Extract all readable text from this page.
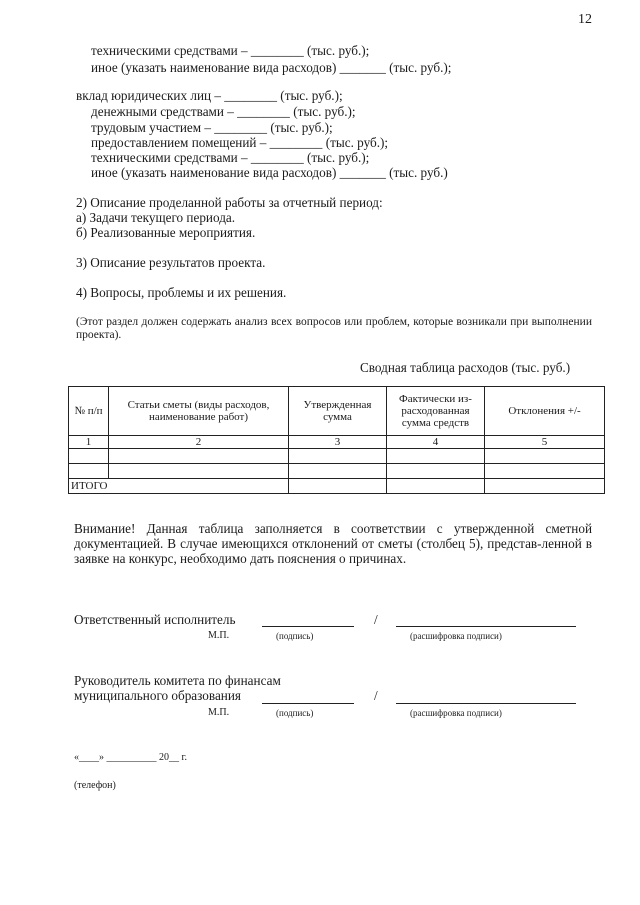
12
техническими средствами – ________ (тыс. руб.);
иное (указать наименование вида расходов) _______ (тыс. руб.);
вклад юридических лиц – ________ (тыс. руб.);
денежными средствами – ________ (тыс. руб.);
трудовым участием – ________ (тыс. руб.);
предоставлением помещений – ________ (тыс. руб.);
техническими средствами – ________ (тыс. руб.);
иное (указать наименование вида расходов) _______ (тыс. руб.)
2) Описание проделанной работы за отчетный период:
а) Задачи текущего периода.
б) Реализованные мероприятия.
3) Описание результатов проекта.
4) Вопросы, проблемы и их решения.
(Этот раздел должен содержать анализ всех вопросов или проблем, которые возникали при выполнении проекта).
Сводная таблица расходов (тыс. руб.)
№ п/п	Статьи сметы (виды расходов, наименование работ)	Утвержденная сумма	Фактически из-расходованная сумма средств	Отклонения +/-
1	2	3	4	5

ИТОГО				
Внимание! Данная таблица заполняется в соответствии с утвержденной сметной документацией. В случае имеющихся отклонений от сметы (столбец 5), представ-ленной в заявке на конкурс, необходимо дать пояснения о причинах.
Ответственный исполнитель	/
М.П.	(подпись)	(расшифровка подписи)
Руководитель комитета по финансам
муниципального образования	/
М.П.	(подпись)	(расшифровка подписи)
«____» __________ 20__ г.
(телефон)
